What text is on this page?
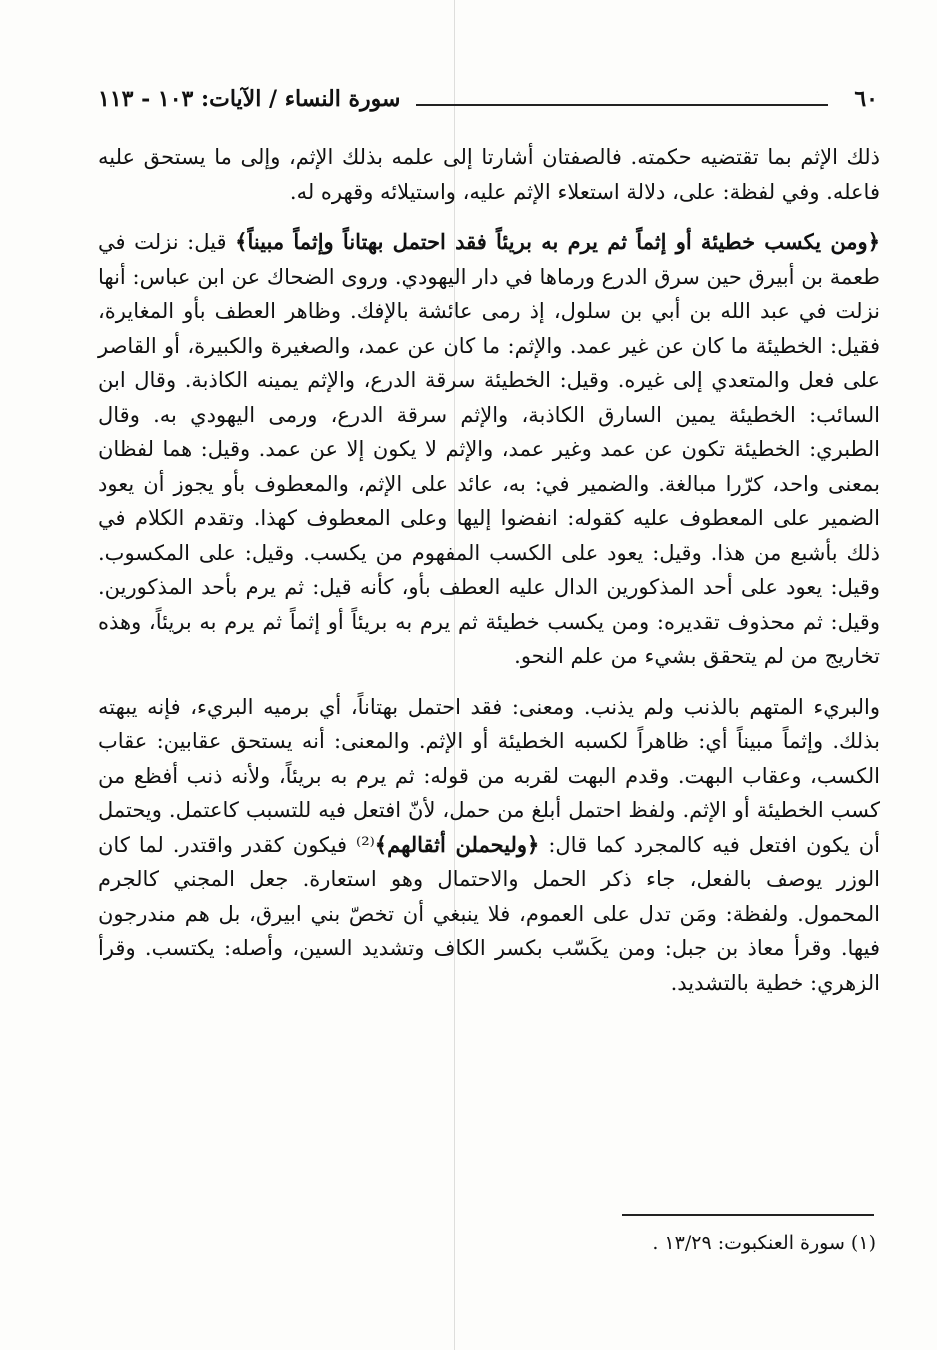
٦٠
سورة النساء / الآيات: ١٠٣ - ١١٣

ذلك الإثم بما تقتضيه حكمته. فالصفتان أشارتا إلى علمه بذلك الإثم، وإلى ما يستحق عليه فاعله. وفي لفظة: على، دلالة استعلاء الإثم عليه، واستيلائه وقهره له.

﴿ومن يكسب خطيئة أو إثماً ثم يرم به بريئاً فقد احتمل بهتاناً وإثماً مبيناً﴾ قيل: نزلت في طعمة بن أبيرق حين سرق الدرع ورماها في دار اليهودي. وروى الضحاك عن ابن عباس: أنها نزلت في عبد الله بن أبي بن سلول، إذ رمى عائشة بالإفك. وظاهر العطف بأو المغايرة، فقيل: الخطيئة ما كان عن غير عمد. والإثم: ما كان عن عمد، والصغيرة والكبيرة، أو القاصر على فعل والمتعدي إلى غيره. وقيل: الخطيئة سرقة الدرع، والإثم يمينه الكاذبة. وقال ابن السائب: الخطيئة يمين السارق الكاذبة، والإثم سرقة الدرع، ورمى اليهودي به. وقال الطبري: الخطيئة تكون عن عمد وغير عمد، والإثم لا يكون إلا عن عمد. وقيل: هما لفظان بمعنى واحد، كرّرا مبالغة. والضمير في: به، عائد على الإثم، والمعطوف بأو يجوز أن يعود الضمير على المعطوف عليه كقوله: انفضوا إليها وعلى المعطوف كهذا. وتقدم الكلام في ذلك بأشبع من هذا. وقيل: يعود على الكسب المفهوم من يكسب. وقيل: على المكسوب. وقيل: يعود على أحد المذكورين الدال عليه العطف بأو، كأنه قيل: ثم يرم بأحد المذكورين. وقيل: ثم محذوف تقديره: ومن يكسب خطيئة ثم يرم به بريئاً أو إثماً ثم يرم به بريئاً، وهذه تخاريج من لم يتحقق بشيء من علم النحو.

والبريء المتهم بالذنب ولم يذنب. ومعنى: فقد احتمل بهتاناً، أي برميه البريء، فإنه يبهته بذلك. وإثماً مبيناً أي: ظاهراً لكسبه الخطيئة أو الإثم. والمعنى: أنه يستحق عقابين: عقاب الكسب، وعقاب البهت. وقدم البهت لقربه من قوله: ثم يرم به بريئاً، ولأنه ذنب أفظع من كسب الخطيئة أو الإثم. ولفظ احتمل أبلغ من حمل، لأنّ افتعل فيه للتسبب كاعتمل. ويحتمل أن يكون افتعل فيه كالمجرد كما قال: ﴿وليحملن أثقالهم﴾⁽²⁾ فيكون كقدر واقتدر. لما كان الوزر يوصف بالفعل، جاء ذكر الحمل والاحتمال وهو استعارة. جعل المجني كالجرم المحمول. ولفظة: ومَن تدل على العموم، فلا ينبغي أن تخصّ بني ابيرق، بل هم مندرجون فيها. وقرأ معاذ بن جبل: ومن يكَسّب بكسر الكاف وتشديد السين، وأصله: يكتسب. وقرأ الزهري: خطية بالتشديد.

(١) سورة العنكبوت: ١٣/٢٩ .
